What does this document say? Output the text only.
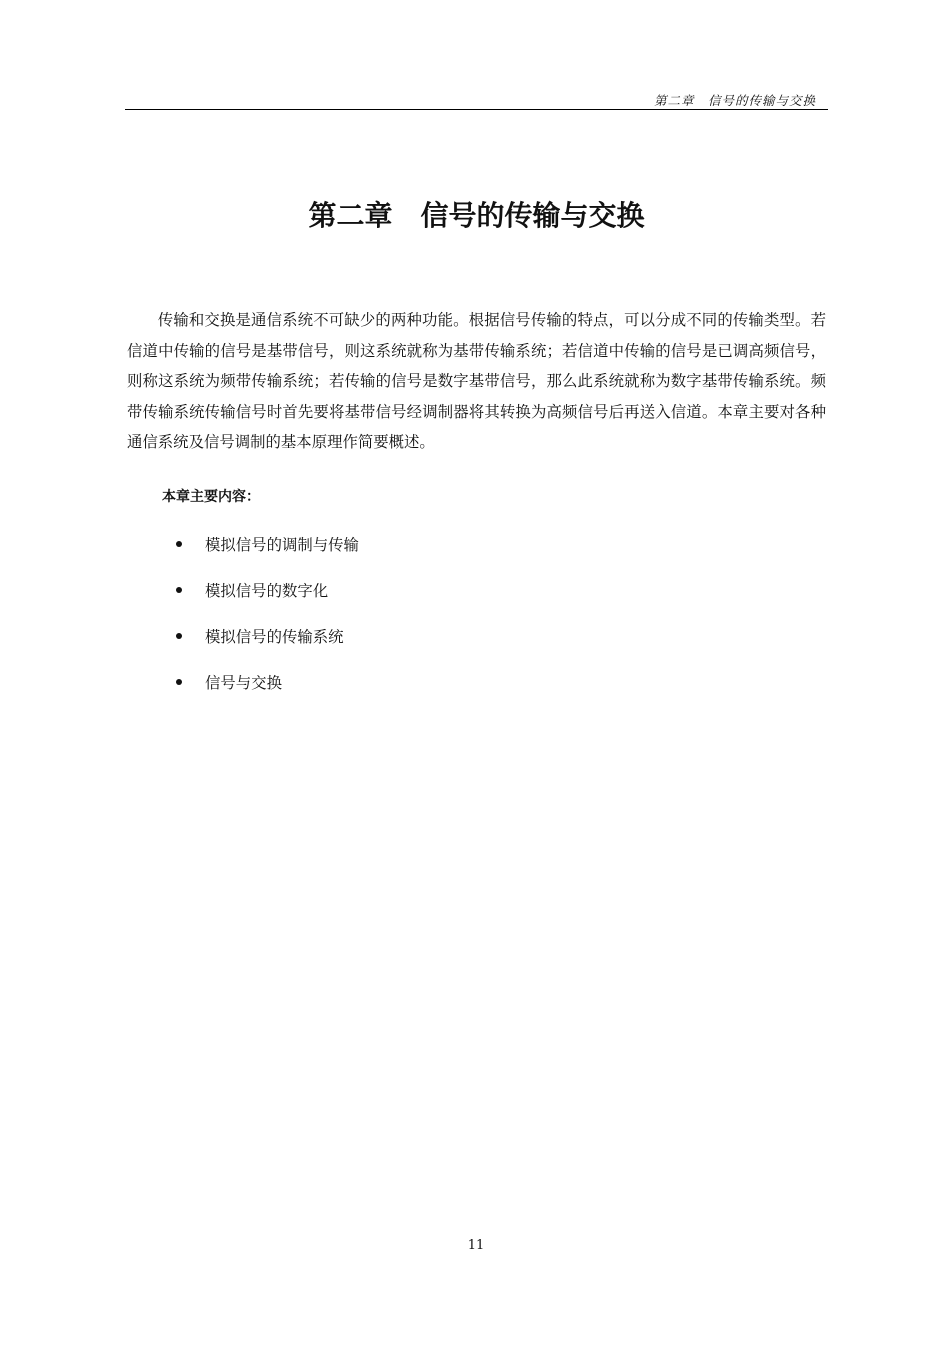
第二章　信号的传输与交换
第二章　信号的传输与交换

传输和交换是通信系统不可缺少的两种功能。根据信号传输的特点，可以分成不同的传输类型。若信道中传输的信号是基带信号，则这系统就称为基带传输系统；若信道中传输的信号是已调高频信号，则称这系统为频带传输系统；若传输的信号是数字基带信号，那么此系统就称为数字基带传输系统。频带传输系统传输信号时首先要将基带信号经调制器将其转换为高频信号后再送入信道。本章主要对各种通信系统及信号调制的基本原理作简要概述。

本章主要内容：
模拟信号的调制与传输
模拟信号的数字化
模拟信号的传输系统
信号与交换
11
